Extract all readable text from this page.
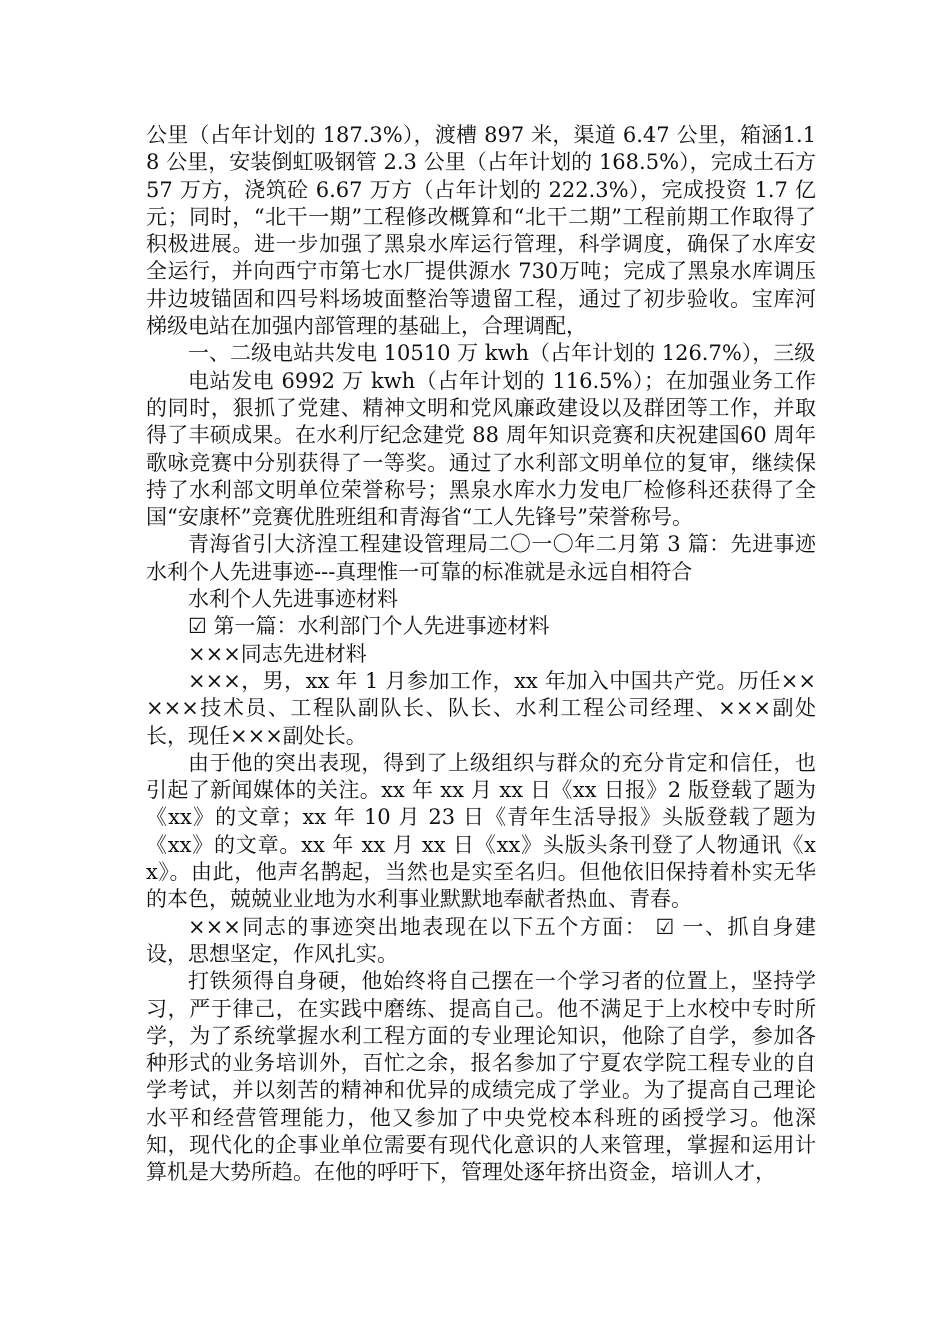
公里（占年计划的 187.3%），渡槽 897 米，渠道 6.47 公里，箱涵1.18 公里，安装倒虹吸钢管 2.3 公里（占年计划的 168.5%），完成土石方 57 万方，浇筑砼 6.67 万方（占年计划的 222.3%），完成投资 1.7 亿元；同时，“北干一期”工程修改概算和“北干二期”工程前期工作取得了积极进展。进一步加强了黑泉水库运行管理，科学调度，确保了水库安全运行，并向西宁市第七水厂提供源水 730万吨；完成了黑泉水库调压井边坡锚固和四号料场坡面整治等遗留工程，通过了初步验收。宝库河梯级电站在加强内部管理的基础上，合理调配，

一、二级电站共发电 10510 万 kwh（占年计划的 126.7%），三级

电站发电 6992 万 kwh（占年计划的 116.5%）；在加强业务工作的同时，狠抓了党建、精神文明和党风廉政建设以及群团等工作，并取得了丰硕成果。在水利厅纪念建党 88 周年知识竞赛和庆祝建国60 周年歌咏竞赛中分别获得了一等奖。通过了水利部文明单位的复审，继续保持了水利部文明单位荣誉称号；黑泉水库水力发电厂检修科还获得了全国“安康杯”竞赛优胜班组和青海省“工人先锋号”荣誉称号。

青海省引大济湟工程建设管理局二〇一〇年二月第 3 篇：先进事迹水利个人先进事迹---真理惟一可靠的标准就是永远自相符合

水利个人先进事迹材料

☑ 第一篇：水利部门个人先进事迹材料

×××同志先进材料

×××，男，xx 年 1 月参加工作，xx 年加入中国共产党。历任×××××技术员、工程队副队长、队长、水利工程公司经理、×××副处长，现任×××副处长。

由于他的突出表现，得到了上级组织与群众的充分肯定和信任，也引起了新闻媒体的关注。xx 年 xx 月 xx 日《xx 日报》2 版登载了题为《xx》的文章；xx 年 10 月 23 日《青年生活导报》头版登载了题为《xx》的文章。xx 年 xx 月 xx 日《xx》头版头条刊登了人物通讯《xx》。由此，他声名鹊起，当然也是实至名归。但他依旧保持着朴实无华的本色，兢兢业业地为水利事业默默地奉献者热血、青春。

×××同志的事迹突出地表现在以下五个方面： ☑ 一、抓自身建设，思想坚定，作风扎实。

打铁须得自身硬，他始终将自己摆在一个学习者的位置上，坚持学习，严于律己，在实践中磨练、提高自己。他不满足于上水校中专时所学，为了系统掌握水利工程方面的专业理论知识，他除了自学，参加各种形式的业务培训外，百忙之余，报名参加了宁夏农学院工程专业的自学考试，并以刻苦的精神和优异的成绩完成了学业。为了提高自己理论水平和经营管理能力，他又参加了中央党校本科班的函授学习。他深知，现代化的企事业单位需要有现代化意识的人来管理，掌握和运用计算机是大势所趋。在他的呼吁下，管理处逐年挤出资金，培训人才，
